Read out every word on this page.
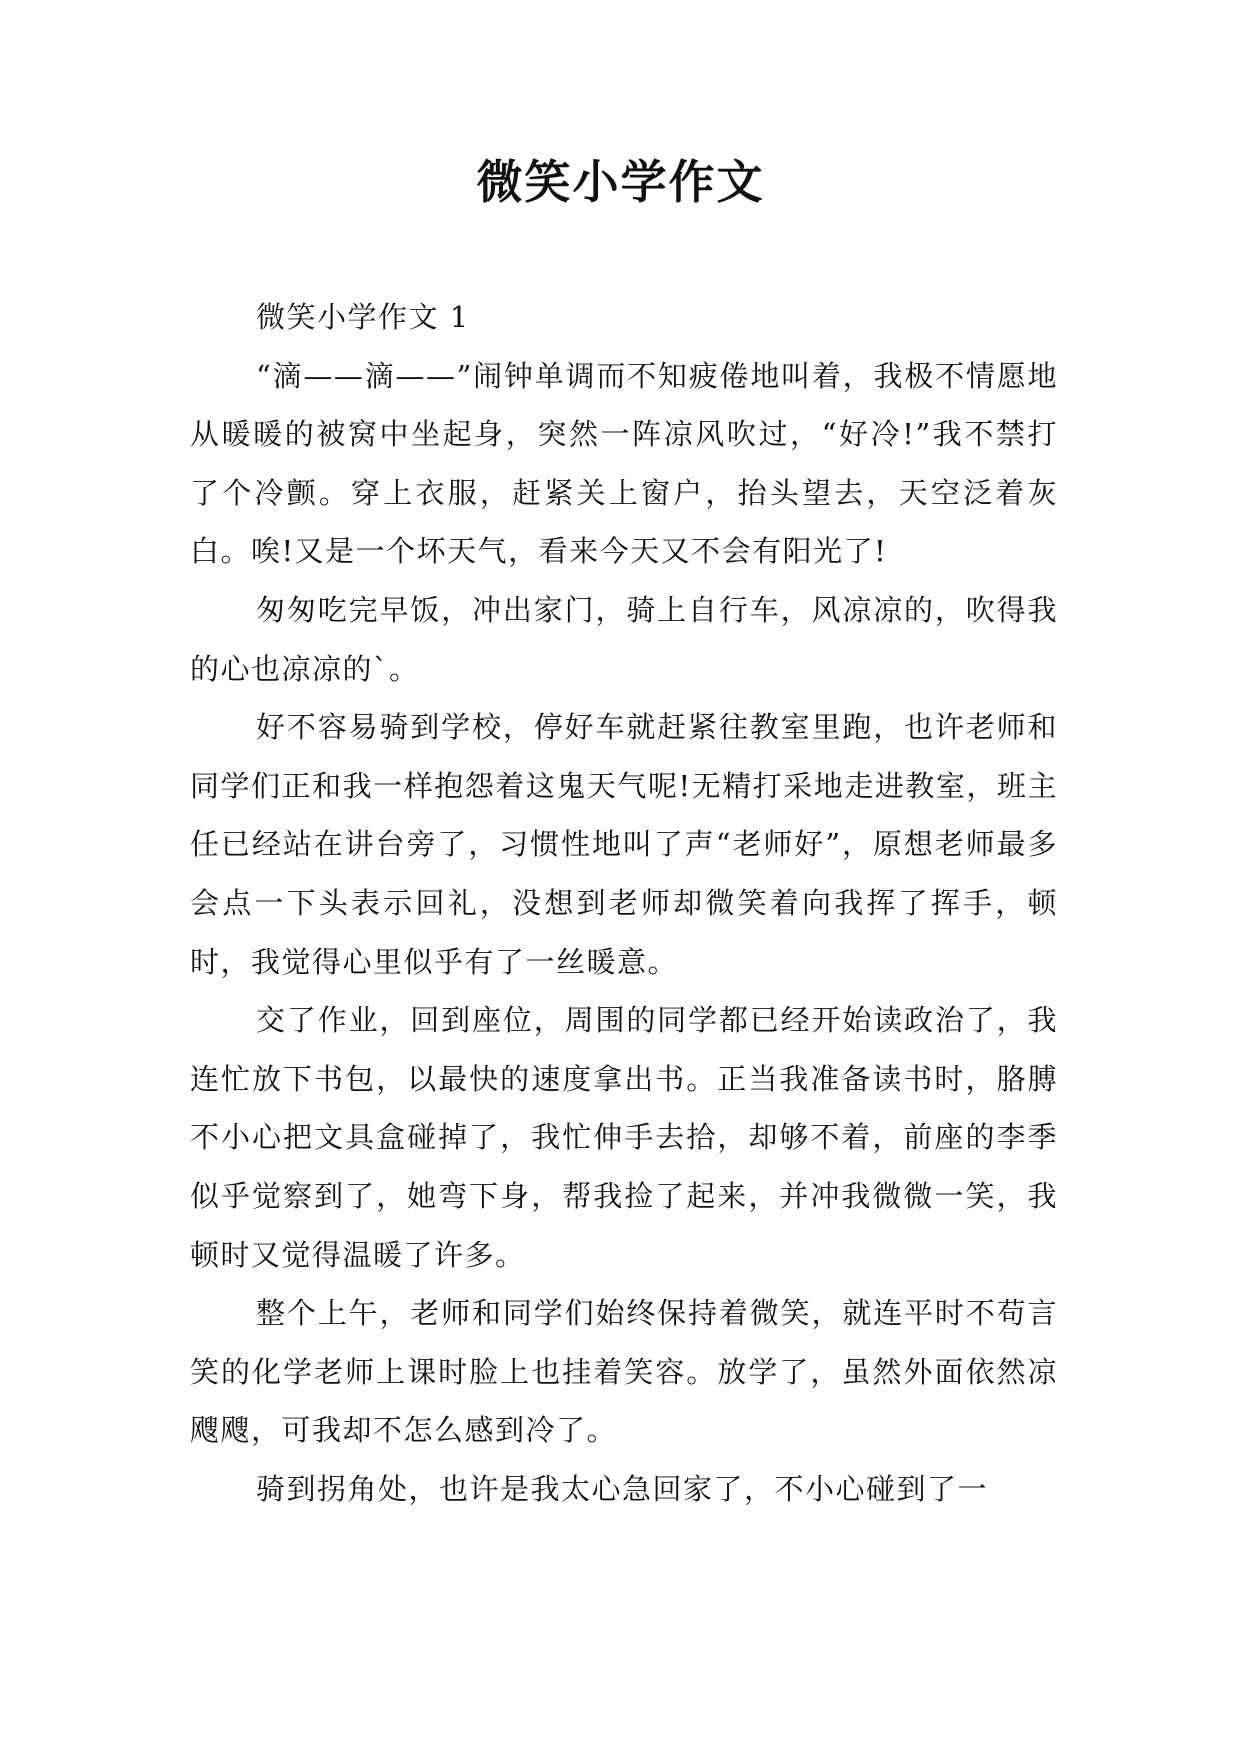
微笑小学作文

微笑小学作文 1

“滴——滴——”闹钟单调而不知疲倦地叫着，我极不情愿地从暖暖的被窝中坐起身，突然一阵凉风吹过，“好冷!”我不禁打了个冷颤。穿上衣服，赶紧关上窗户，抬头望去，天空泛着灰白。唉!又是一个坏天气，看来今天又不会有阳光了!

匆匆吃完早饭，冲出家门，骑上自行车，风凉凉的，吹得我的心也凉凉的`。

好不容易骑到学校，停好车就赶紧往教室里跑，也许老师和同学们正和我一样抱怨着这鬼天气呢!无精打采地走进教室，班主任已经站在讲台旁了，习惯性地叫了声“老师好”，原想老师最多会点一下头表示回礼，没想到老师却微笑着向我挥了挥手，顿时，我觉得心里似乎有了一丝暖意。

交了作业，回到座位，周围的同学都已经开始读政治了，我连忙放下书包，以最快的速度拿出书。正当我准备读书时，胳膊不小心把文具盒碰掉了，我忙伸手去拾，却够不着，前座的李季似乎觉察到了，她弯下身，帮我捡了起来，并冲我微微一笑，我顿时又觉得温暖了许多。

整个上午，老师和同学们始终保持着微笑，就连平时不苟言笑的化学老师上课时脸上也挂着笑容。放学了，虽然外面依然凉飕飕，可我却不怎么感到冷了。

骑到拐角处，也许是我太心急回家了，不小心碰到了一
